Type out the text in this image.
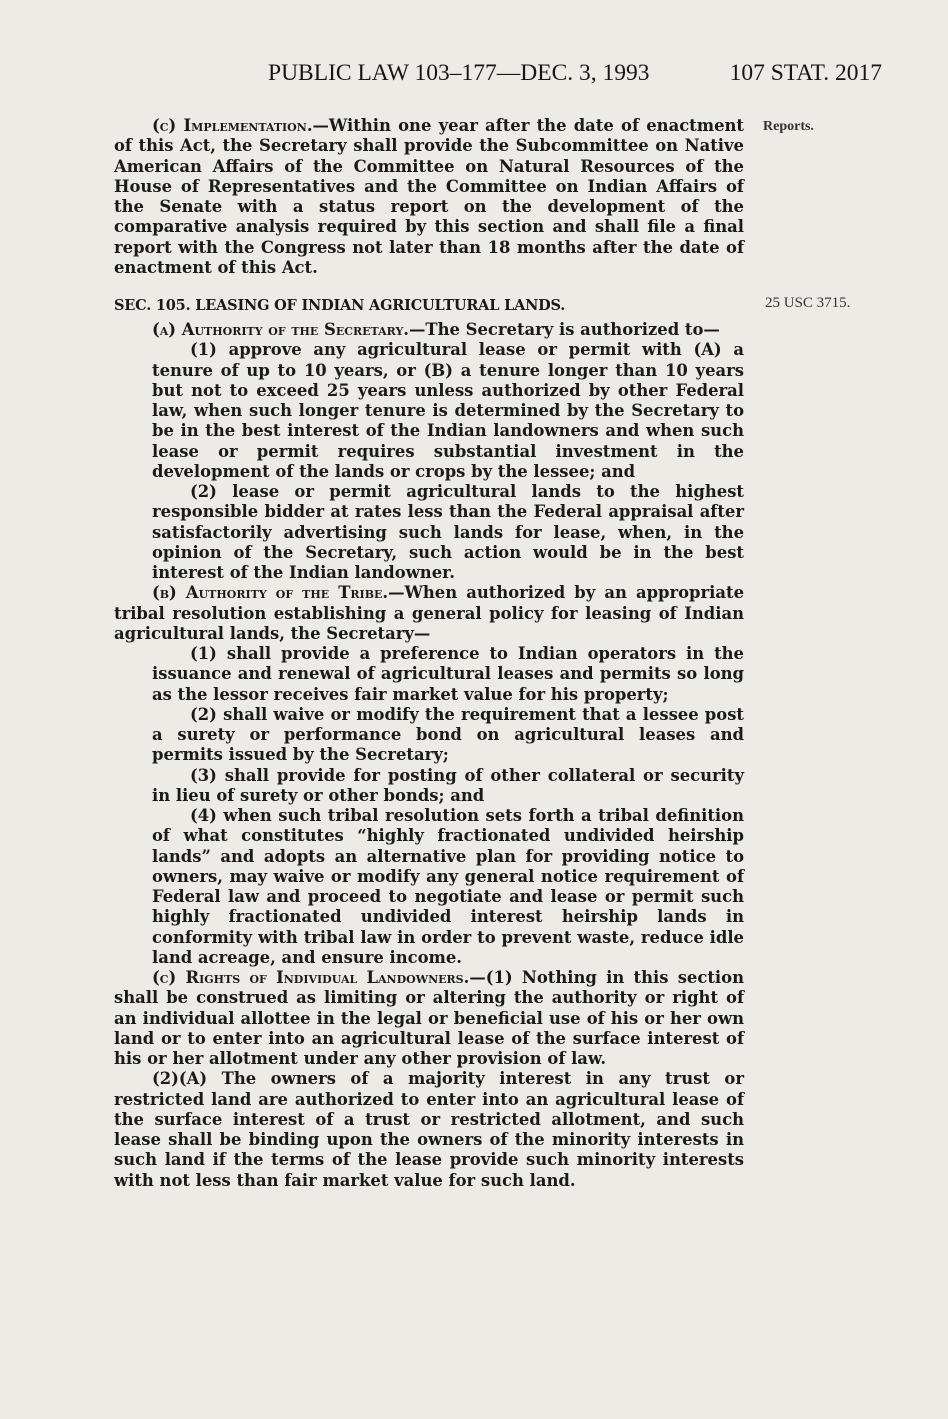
PUBLIC LAW 103–177—DEC. 3, 1993	107 STAT. 2017
Reports.
25 USC 3715.

(c) Implementation.—Within one year after the date of enactment of this Act, the Secretary shall provide the Subcommittee on Native American Affairs of the Committee on Natural Resources of the House of Representatives and the Committee on Indian Affairs of the Senate with a status report on the development of the comparative analysis required by this section and shall file a final report with the Congress not later than 18 months after the date of enactment of this Act.

SEC. 105. LEASING OF INDIAN AGRICULTURAL LANDS.

(a) Authority of the Secretary.—The Secretary is authorized to—

(1) approve any agricultural lease or permit with (A) a tenure of up to 10 years, or (B) a tenure longer than 10 years but not to exceed 25 years unless authorized by other Federal law, when such longer tenure is determined by the Secretary to be in the best interest of the Indian landowners and when such lease or permit requires substantial investment in the development of the lands or crops by the lessee; and

(2) lease or permit agricultural lands to the highest responsible bidder at rates less than the Federal appraisal after satisfactorily advertising such lands for lease, when, in the opinion of the Secretary, such action would be in the best interest of the Indian landowner.

(b) Authority of the Tribe.—When authorized by an appropriate tribal resolution establishing a general policy for leasing of Indian agricultural lands, the Secretary—

(1) shall provide a preference to Indian operators in the issuance and renewal of agricultural leases and permits so long as the lessor receives fair market value for his property;

(2) shall waive or modify the requirement that a lessee post a surety or performance bond on agricultural leases and permits issued by the Secretary;

(3) shall provide for posting of other collateral or security in lieu of surety or other bonds; and

(4) when such tribal resolution sets forth a tribal definition of what constitutes “highly fractionated undivided heirship lands” and adopts an alternative plan for providing notice to owners, may waive or modify any general notice requirement of Federal law and proceed to negotiate and lease or permit such highly fractionated undivided interest heirship lands in conformity with tribal law in order to prevent waste, reduce idle land acreage, and ensure income.

(c) Rights of Individual Landowners.—(1) Nothing in this section shall be construed as limiting or altering the authority or right of an individual allottee in the legal or beneficial use of his or her own land or to enter into an agricultural lease of the surface interest of his or her allotment under any other provision of law.

(2)(A) The owners of a majority interest in any trust or restricted land are authorized to enter into an agricultural lease of the surface interest of a trust or restricted allotment, and such lease shall be binding upon the owners of the minority interests in such land if the terms of the lease provide such minority interests with not less than fair market value for such land.
